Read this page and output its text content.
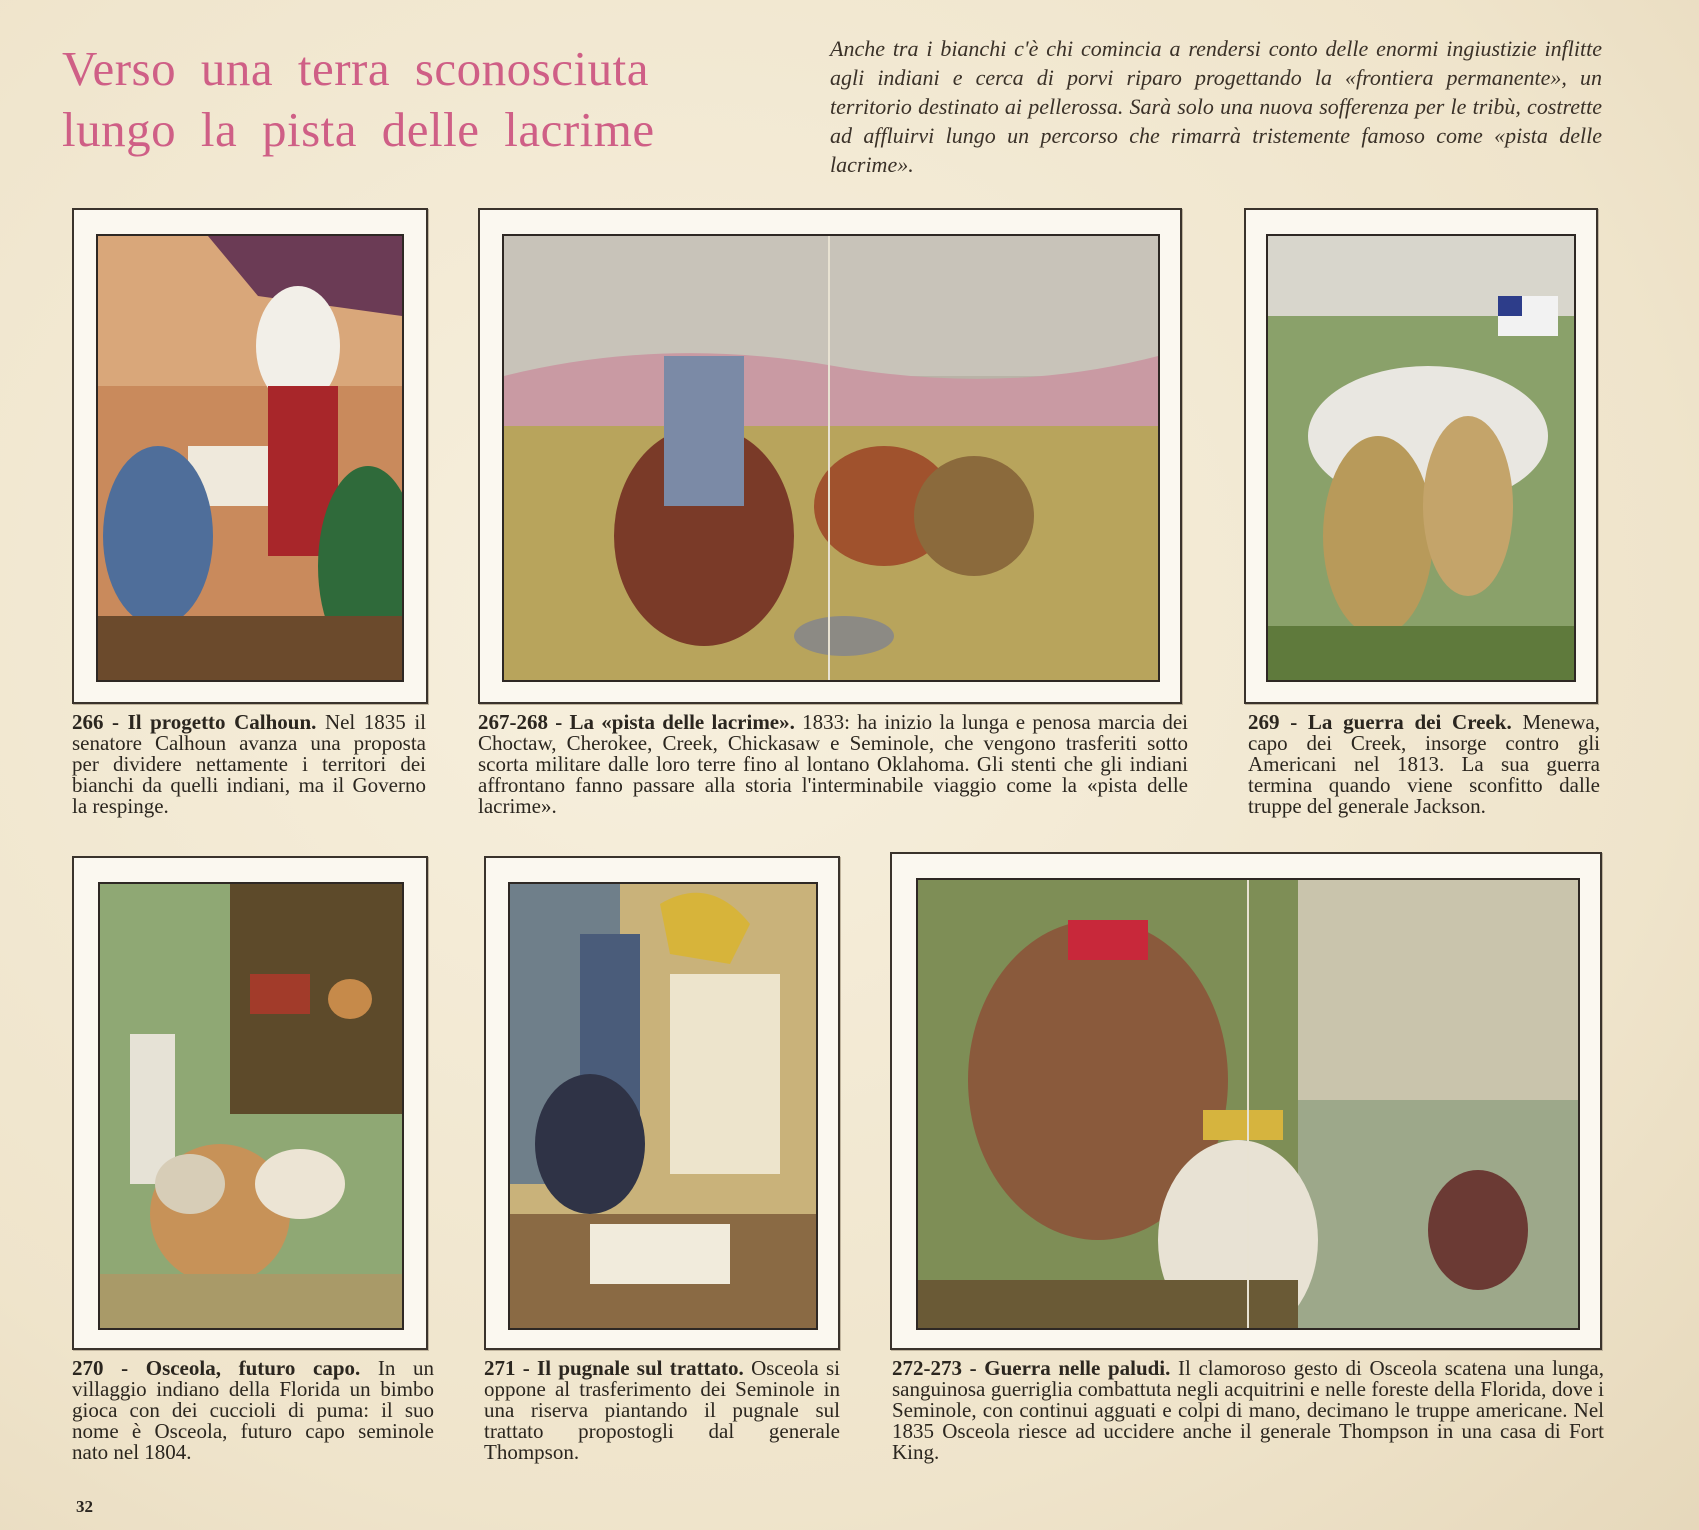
Verso una terra sconosciuta
lungo la pista delle lacrime
Anche tra i bianchi c'è chi comincia a rendersi conto delle enormi ingiustizie inflitte agli indiani e cerca di porvi riparo progettando la «frontiera permanente», un territorio destinato ai pellerossa. Sarà solo una nuova sofferenza per le tribù, costrette ad affluirvi lungo un percorso che rimarrà tristemente famoso come «pista delle lacrime».
266 - Il progetto Calhoun. Nel 1835 il senatore Calhoun avanza una proposta per dividere nettamente i territori dei bianchi da quelli indiani, ma il Governo la respinge.
267-268 - La «pista delle lacrime». 1833: ha inizio la lunga e penosa marcia dei Choctaw, Cherokee, Creek, Chickasaw e Seminole, che vengono trasferiti sotto scorta militare dalle loro terre fino al lontano Oklahoma. Gli stenti che gli indiani affrontano fanno passare alla storia l'interminabile viaggio come la «pista delle lacrime».
269 - La guerra dei Creek. Menewa, capo dei Creek, insorge contro gli Americani nel 1813. La sua guerra termina quando viene sconfitto dalle truppe del generale Jackson.
270 - Osceola, futuro capo. In un villaggio indiano della Florida un bimbo gioca con dei cuccioli di puma: il suo nome è Osceola, futuro capo seminole nato nel 1804.
271 - Il pugnale sul trattato. Osceola si oppone al trasferimento dei Seminole in una riserva piantando il pugnale sul trattato propostogli dal generale Thompson.
272-273 - Guerra nelle paludi. Il clamoroso gesto di Osceola scatena una lunga, sanguinosa guerriglia combattuta negli acquitrini e nelle foreste della Florida, dove i Seminole, con continui agguati e colpi di mano, decimano le truppe americane. Nel 1835 Osceola riesce ad uccidere anche il generale Thompson in una casa di Fort King.
32
